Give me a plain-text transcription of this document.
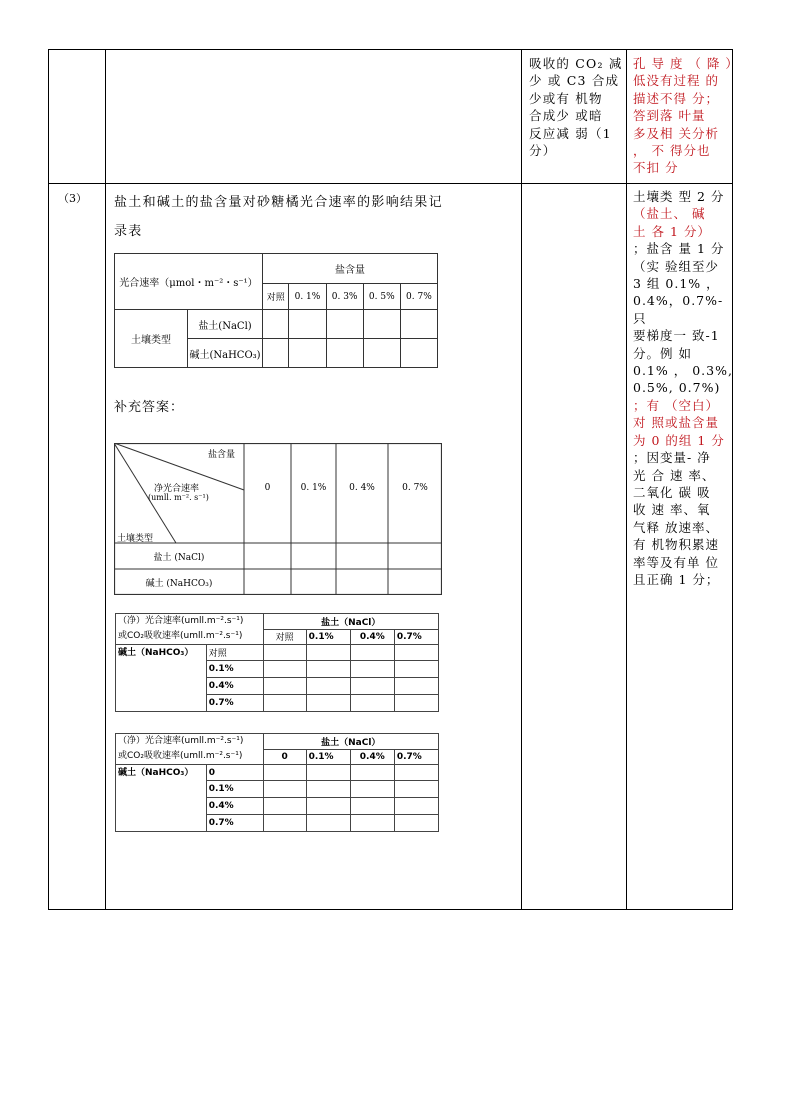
吸收的 CO₂ 减
少 或 C3 合成
少或有 机物
合成少 或暗
反应减 弱（1
分）
孔 导 度 （ 降 ）
低没有过程 的
描述不得 分；
答到落 叶量
多及相 关分析
， 不 得分也
不扣 分
（3） 盐土和碱土的盐含量对砂糖橘光合速率的影响结果记
录表
光合速率（μmol・m⁻²・s⁻¹）		盐含量				
		对照	0. 1%	0. 3%	0. 5%	0. 7%
土壤类型	盐土(NaCl)					
	碱土(NaHCO₃)					
补充答案：
盐含量
净光合速率
(umll. m⁻². s⁻¹)
土壤类型
0	0. 1%	0. 4%	0. 7%
盐土 (NaCl)
碱土 (NaHCO₃)
（净）光合速率(umll.m⁻².s⁻¹)
或CO₂吸收速率(umll.m⁻².s⁻¹)		盐土（NaCl）			
		对照	0.1%	0.4%	0.7%
碱土（NaHCO₃）	对照				
	0.1%				
	0.4%				
	0.7%				
（净）光合速率(umll.m⁻².s⁻¹)
或CO₂吸收速率(umll.m⁻².s⁻¹)		盐土（NaCl）			
		0	0.1%	0.4%	0.7%
碱土（NaHCO₃）	0				
	0.1%				
	0.4%				
	0.7%				
土壤类 型 2 分
（盐土、 碱
土 各 1 分）
；盐含 量 1 分
（实 验组至少
3 组 0.1% ，
0.4%，0.7%- 只
要梯度一 致-1
分。例 如
0.1% ， 0.3%,
0.5%, 0.7%)
；有 （空白）
对 照或盐含量
为 0 的组 1 分
；因变量- 净
光 合 速 率、
二氧化 碳 吸
收 速 率、氧
气释 放速率、
有 机物积累速
率等及有单 位
且正确 1 分；
